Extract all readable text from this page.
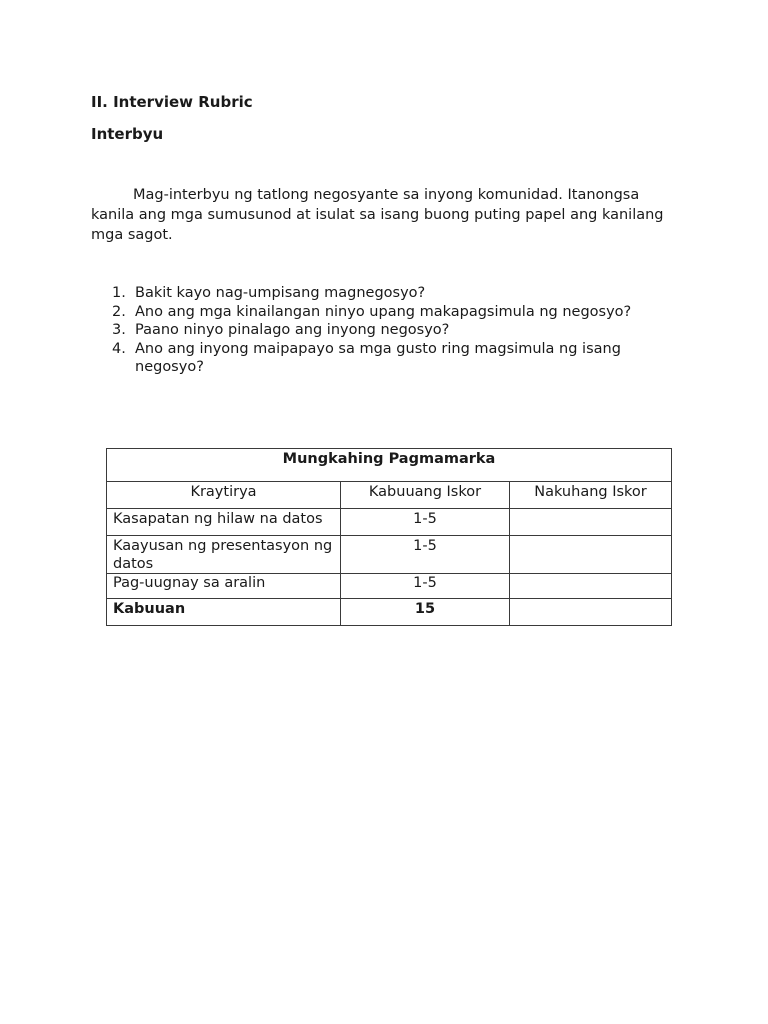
II. Interview Rubric
Interbyu

Mag-interbyu ng tatlong negosyante sa inyong komunidad. Itanongsa kanila ang mga sumusunod at isulat sa isang buong puting papel ang kanilang mga sagot.

1. Bakit kayo nag-umpisang magnegosyo?
2. Ano ang mga kinailangan ninyo upang makapagsimula ng negosyo?
3. Paano ninyo pinalago ang inyong negosyo?
4. Ano ang inyong maipapayo sa mga gusto ring magsimula ng isang negosyo?
Mungkahing Pagmamarka		
Kraytirya	Kabuuang Iskor	Nakuhang Iskor
Kasapatan ng hilaw na datos	1-5	
Kaayusan ng presentasyon ng datos	1-5	
Pag-uugnay sa aralin	1-5	
Kabuuan	15	
